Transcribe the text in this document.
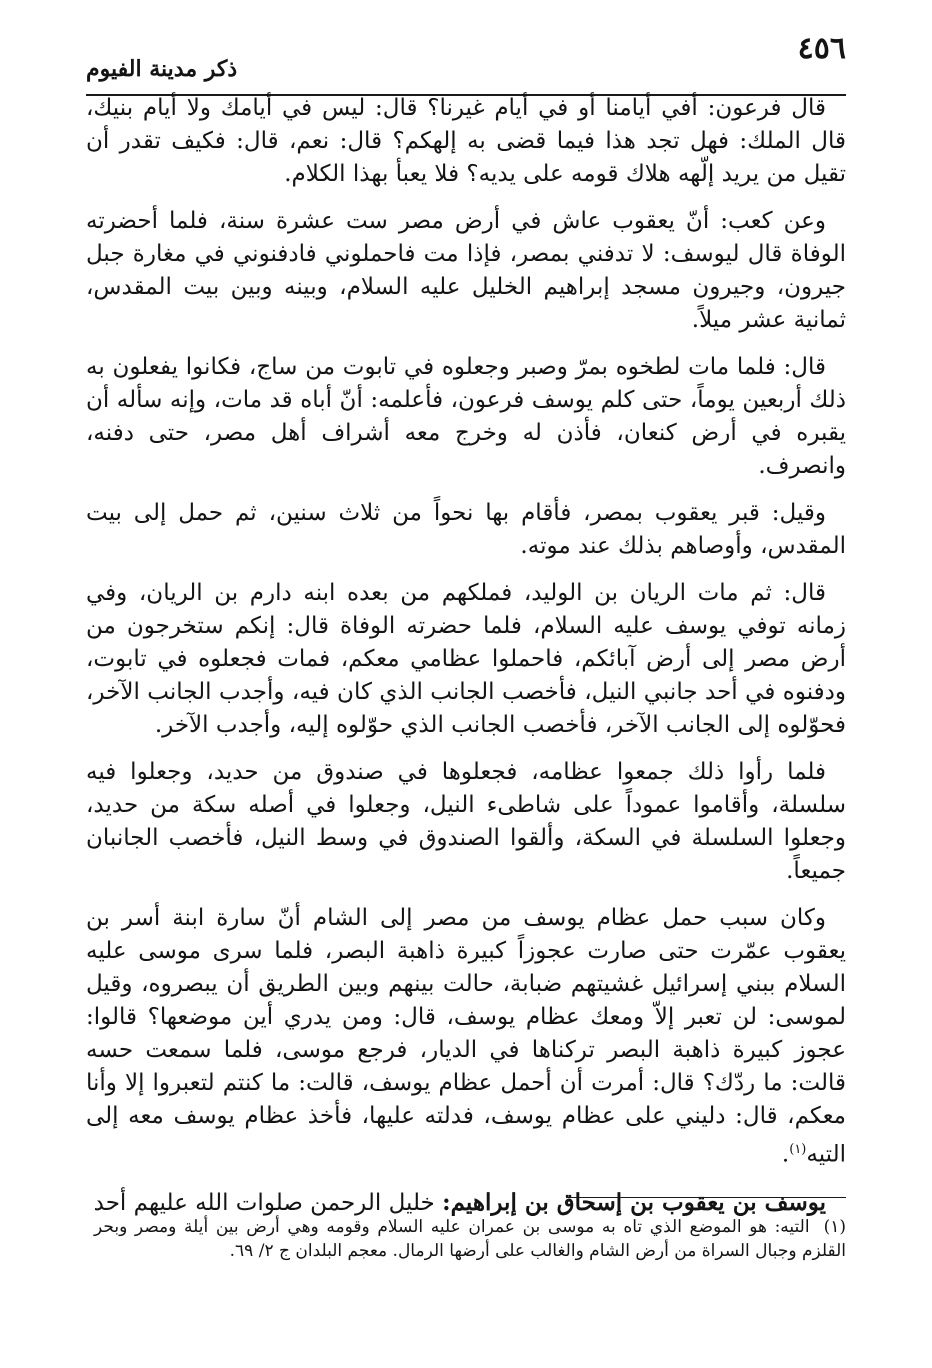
٤٥٦
ذكر مدينة الفيوم

قال فرعون: أفي أيامنا أو في أيام غيرنا؟ قال: ليس في أيامك ولا أيام بنيك، قال الملك: فهل تجد هذا فيما قضى به إلهكم؟ قال: نعم، قال: فكيف تقدر أن تقيل من يريد إلّهه هلاك قومه على يديه؟ فلا يعبأ بهذا الكلام.

وعن كعب: أنّ يعقوب عاش في أرض مصر ست عشرة سنة، فلما أحضرته الوفاة قال ليوسف: لا تدفني بمصر، فإذا مت فاحملوني فادفنوني في مغارة جبل جيرون، وجيرون مسجد إبراهيم الخليل عليه السلام، وبينه وبين بيت المقدس، ثمانية عشر ميلاً.

قال: فلما مات لطخوه بمرّ وصبر وجعلوه في تابوت من ساج، فكانوا يفعلون به ذلك أربعين يوماً، حتى كلم يوسف فرعون، فأعلمه: أنّ أباه قد مات، وإنه سأله أن يقبره في أرض كنعان، فأذن له وخرج معه أشراف أهل مصر، حتى دفنه، وانصرف.

وقيل: قبر يعقوب بمصر، فأقام بها نحواً من ثلاث سنين، ثم حمل إلى بيت المقدس، وأوصاهم بذلك عند موته.

قال: ثم مات الريان بن الوليد، فملكهم من بعده ابنه دارم بن الريان، وفي زمانه توفي يوسف عليه السلام، فلما حضرته الوفاة قال: إنكم ستخرجون من أرض مصر إلى أرض آبائكم، فاحملوا عظامي معكم، فمات فجعلوه في تابوت، ودفنوه في أحد جانبي النيل، فأخصب الجانب الذي كان فيه، وأجدب الجانب الآخر، فحوّلوه إلى الجانب الآخر، فأخصب الجانب الذي حوّلوه إليه، وأجدب الآخر.

فلما رأوا ذلك جمعوا عظامه، فجعلوها في صندوق من حديد، وجعلوا فيه سلسلة، وأقاموا عموداً على شاطىء النيل، وجعلوا في أصله سكة من حديد، وجعلوا السلسلة في السكة، وألقوا الصندوق في وسط النيل، فأخصب الجانبان جميعاً.

وكان سبب حمل عظام يوسف من مصر إلى الشام أنّ سارة ابنة أسر بن يعقوب عمّرت حتى صارت عجوزاً كبيرة ذاهبة البصر، فلما سرى موسى عليه السلام ببني إسرائيل غشيتهم ضبابة، حالت بينهم وبين الطريق أن يبصروه، وقيل لموسى: لن تعبر إلاّ ومعك عظام يوسف، قال: ومن يدري أين موضعها؟ قالوا: عجوز كبيرة ذاهبة البصر تركناها في الديار، فرجع موسى، فلما سمعت حسه قالت: ما ردّك؟ قال: أمرت أن أحمل عظام يوسف، قالت: ما كنتم لتعبروا إلا وأنا معكم، قال: دليني على عظام يوسف، فدلته عليها، فأخذ عظام يوسف معه إلى التيه$^{(١)}$.

يوسف بن يعقوب بن إسحاق بن إبراهيم: خليل الرحمن صلوات الله عليهم أحد

(١)التيه: هو الموضع الذي تاه به موسى بن عمران عليه السلام وقومه وهي أرض بين أيلة ومصر وبحر القلزم وجبال السراة من أرض الشام والغالب على أرضها الرمال. معجم البلدان ج ٢/ ٦٩.
